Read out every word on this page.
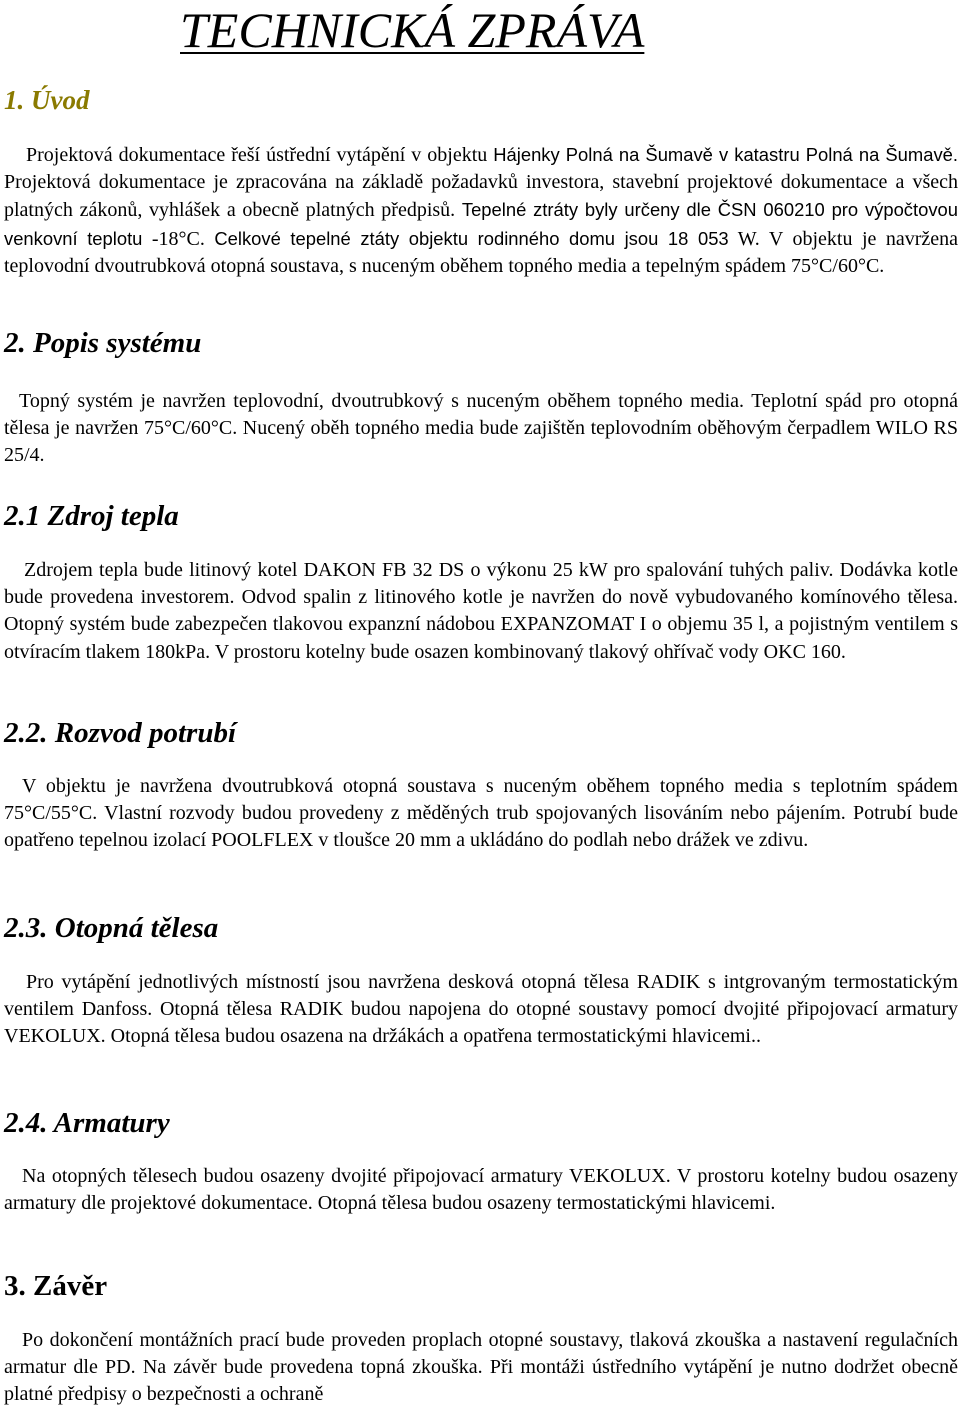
TECHNICKÁ ZPRÁVA
1. Úvod

Projektová dokumentace řeší ústřední vytápění v objektu Hájenky Polná na Šumavě v katastru Polná na Šumavě. Projektová dokumentace je zpracována na základě požadavků investora, stavební projektové dokumentace a všech platných zákonů, vyhlášek a obecně platných předpisů. Tepelné ztráty byly určeny dle ČSN 060210 pro výpočtovou venkovní teplotu -18°C. Celkové tepelné ztáty objektu rodinného domu jsou 18 053 W. V objektu je navržena teplovodní dvoutrubková otopná soustava, s nuceným oběhem topného media a tepelným spádem 75°C/60°C.

2. Popis systému

Topný systém je navržen teplovodní, dvoutrubkový s nuceným oběhem topného media. Teplotní spád pro otopná tělesa je navržen 75°C/60°C. Nucený oběh topného media bude zajištěn teplovodním oběhovým čerpadlem WILO RS 25/4.

2.1 Zdroj tepla

Zdrojem tepla bude litinový kotel DAKON FB 32 DS o výkonu 25 kW pro spalování tuhých paliv. Dodávka kotle bude provedena investorem. Odvod spalin z litinového kotle je navržen do nově vybudovaného komínového tělesa. Otopný systém bude zabezpečen tlakovou expanzní nádobou EXPANZOMAT I o objemu 35 l, a pojistným ventilem s otvíracím tlakem 180kPa. V prostoru kotelny bude osazen kombinovaný tlakový ohřívač vody OKC 160.

2.2. Rozvod potrubí

V objektu je navržena dvoutrubková otopná soustava s nuceným oběhem topného media s teplotním spádem 75°C/55°C. Vlastní rozvody budou provedeny z měděných trub spojovaných lisováním nebo pájením. Potrubí bude opatřeno tepelnou izolací POOLFLEX v tloušce 20 mm a ukládáno do podlah nebo drážek ve zdivu.

2.3. Otopná tělesa

Pro vytápění jednotlivých místností jsou navržena desková otopná tělesa RADIK s intgrovaným termostatickým ventilem Danfoss. Otopná tělesa RADIK budou napojena do otopné soustavy pomocí dvojité připojovací armatury VEKOLUX. Otopná tělesa budou osazena na držákách a opatřena termostatickými hlavicemi..

2.4. Armatury

Na otopných tělesech budou osazeny dvojité připojovací armatury VEKOLUX. V prostoru kotelny budou osazeny armatury dle projektové dokumentace. Otopná tělesa budou osazeny termostatickými hlavicemi.

3. Závěr

Po dokončení montážních prací bude proveden proplach otopné soustavy, tlaková zkouška a nastavení regulačních armatur dle PD. Na závěr bude provedena topná zkouška. Při montáži ústředního vytápění je nutno dodržet obecně platné předpisy o bezpečnosti a ochraně
